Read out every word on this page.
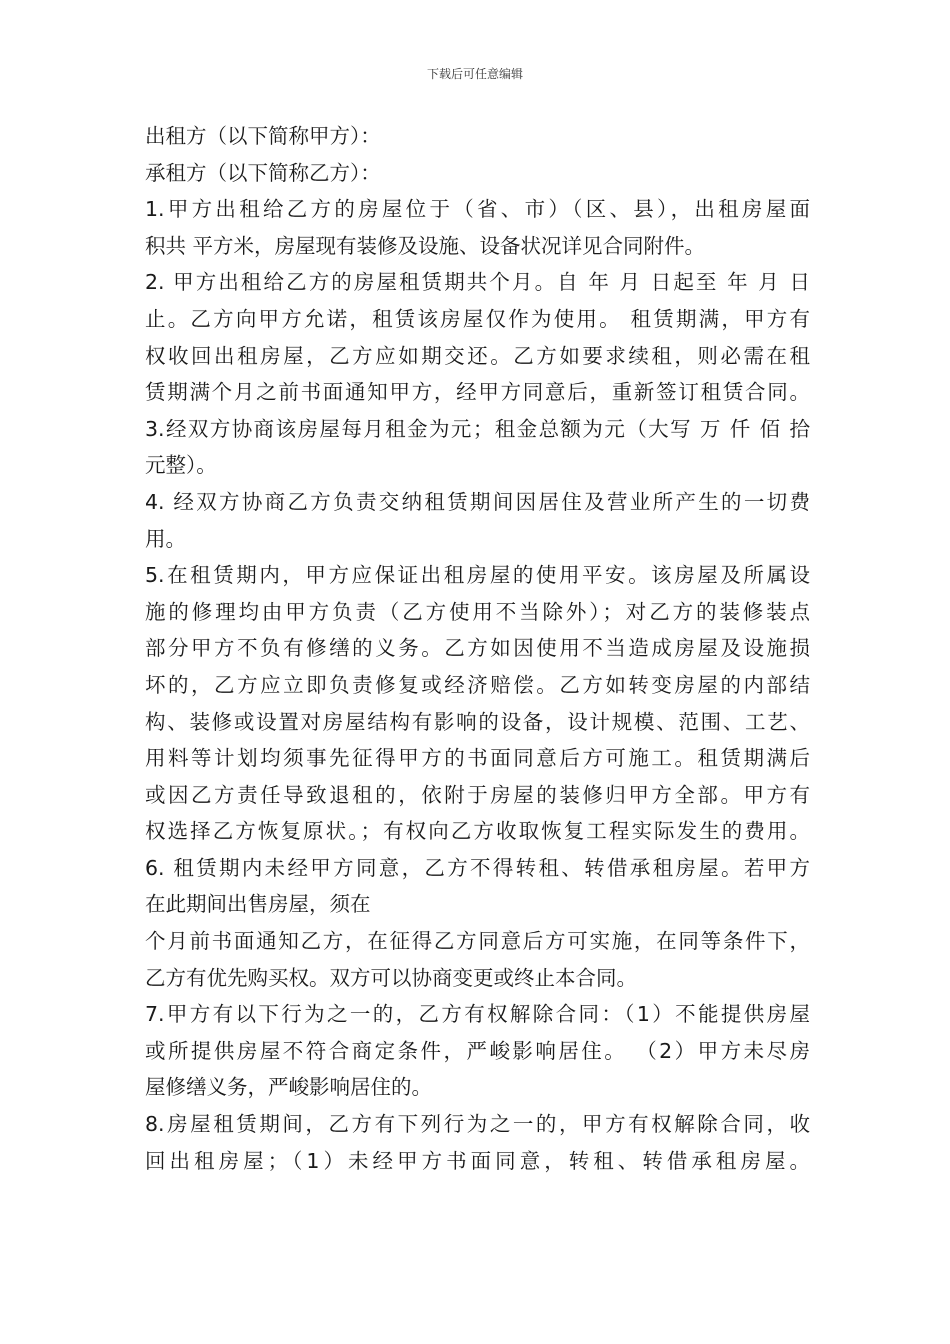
下载后可任意编辑
出租方（以下简称甲方）：
承租方（以下简称乙方）：
1.甲方出租给乙方的房屋位于（省、市）（区、县），出租房屋面
积共 平方米，房屋现有装修及设施、设备状况详见合同附件。
2. 甲方出租给乙方的房屋租赁期共个月。自 年 月 日起至 年 月 日
止。乙方向甲方允诺，租赁该房屋仅作为使用。 租赁期满，甲方有
权收回出租房屋，乙方应如期交还。乙方如要求续租，则必需在租
赁期满个月之前书面通知甲方，经甲方同意后，重新签订租赁合同。
3.经双方协商该房屋每月租金为元；租金总额为元（大写 万 仟 佰 拾
元整）。
4. 经双方协商乙方负责交纳租赁期间因居住及营业所产生的一切费
用。
5.在租赁期内，甲方应保证出租房屋的使用平安。该房屋及所属设
施的修理均由甲方负责（乙方使用不当除外）；对乙方的装修装点
部分甲方不负有修缮的义务。乙方如因使用不当造成房屋及设施损
坏的，乙方应立即负责修复或经济赔偿。乙方如转变房屋的内部结
构、装修或设置对房屋结构有影响的设备，设计规模、范围、工艺、
用料等计划均须事先征得甲方的书面同意后方可施工。租赁期满后
或因乙方责任导致退租的，依附于房屋的装修归甲方全部。甲方有
权选择乙方恢复原状。；有权向乙方收取恢复工程实际发生的费用。
6. 租赁期内未经甲方同意，乙方不得转租、转借承租房屋。若甲方
在此期间出售房屋，须在
个月前书面通知乙方，在征得乙方同意后方可实施，在同等条件下，
乙方有优先购买权。双方可以协商变更或终止本合同。
7.甲方有以下行为之一的，乙方有权解除合同：（1）不能提供房屋
或所提供房屋不符合商定条件，严峻影响居住。 （2）甲方未尽房
屋修缮义务，严峻影响居住的。
8.房屋租赁期间，乙方有下列行为之一的，甲方有权解除合同，收
回出租房屋；（1）未经甲方书面同意，转租、转借承租房屋。
